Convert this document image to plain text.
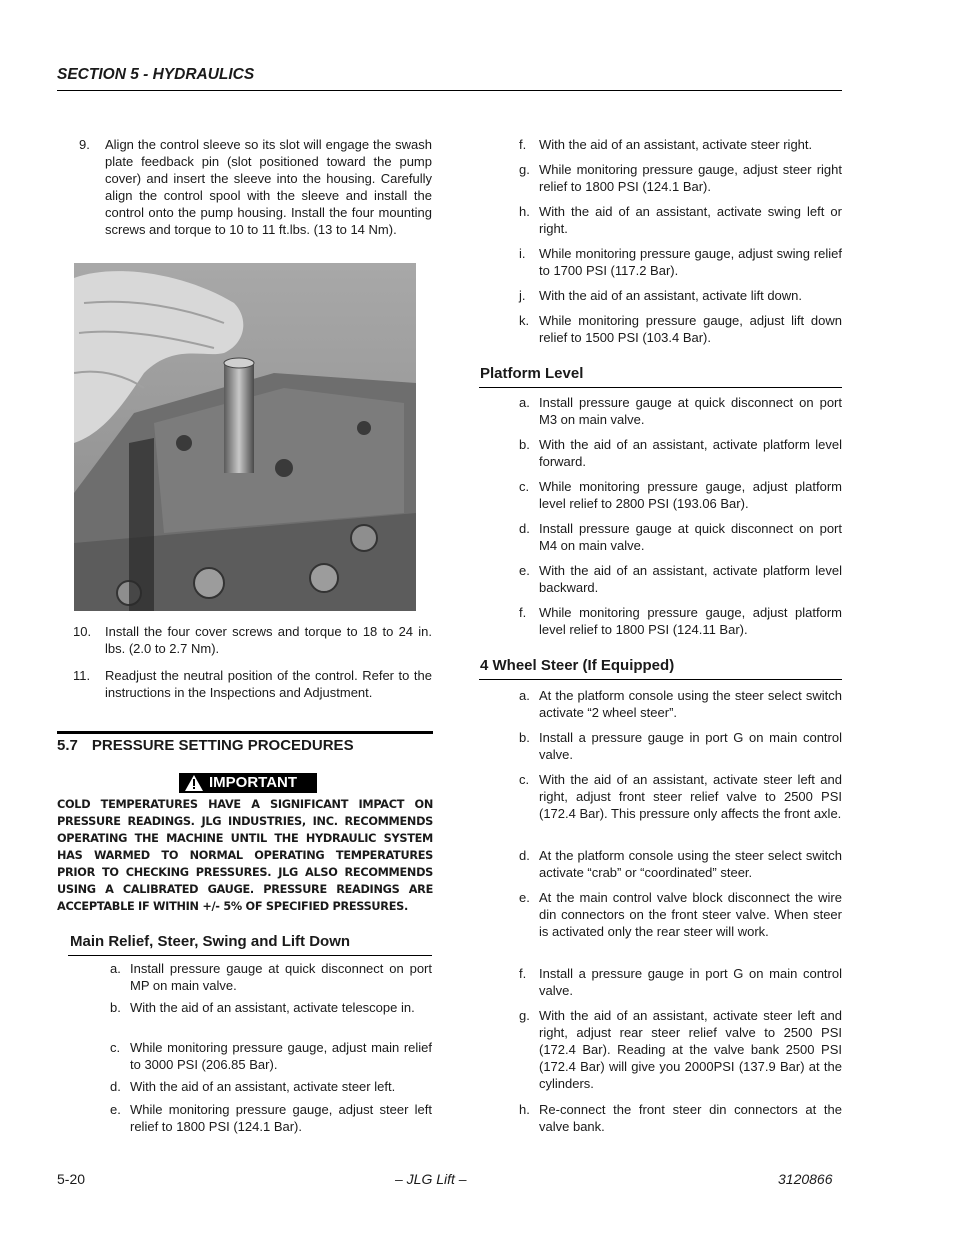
SECTION 5 - HYDRAULICS
9. Align the control sleeve so its slot will engage the swash plate feedback pin (slot positioned toward the pump cover) and insert the sleeve into the housing. Carefully align the control spool with the sleeve and install the control onto the pump housing. Install the four mounting screws and torque to 10 to 11 ft.lbs. (13 to 14 Nm).
10. Install the four cover screws and torque to 18 to 24 in. lbs. (2.0 to 2.7 Nm).
11. Readjust the neutral position of the control. Refer to the instructions in the Inspections and Adjustment.
5.7 PRESSURE SETTING PROCEDURES
IMPORTANT
COLD TEMPERATURES HAVE A SIGNIFICANT IMPACT ON PRESSURE READINGS. JLG INDUSTRIES, INC. RECOMMENDS OPERATING THE MACHINE UNTIL THE HYDRAULIC SYSTEM HAS WARMED TO NORMAL OPERATING TEMPERATURES PRIOR TO CHECKING PRESSURES. JLG ALSO RECOMMENDS USING A CALIBRATED GAUGE. PRESSURE READINGS ARE ACCEPTABLE IF WITHIN +/- 5% OF SPECIFIED PRESSURES.
Main Relief, Steer, Swing and Lift Down
a. Install pressure gauge at quick disconnect on port MP on main valve.
b. With the aid of an assistant, activate telescope in.
c. While monitoring pressure gauge, adjust main relief to 3000 PSI (206.85 Bar).
d. With the aid of an assistant, activate steer left.
e. While monitoring pressure gauge, adjust steer left relief to 1800 PSI (124.1 Bar).
f. With the aid of an assistant, activate steer right.
g. While monitoring pressure gauge, adjust steer right relief to 1800 PSI (124.1 Bar).
h. With the aid of an assistant, activate swing left or right.
i. While monitoring pressure gauge, adjust swing relief to 1700 PSI (117.2 Bar).
j. With the aid of an assistant, activate lift down.
k. While monitoring pressure gauge, adjust lift down relief to 1500 PSI (103.4 Bar).
Platform Level
a. Install pressure gauge at quick disconnect on port M3 on main valve.
b. With the aid of an assistant, activate platform level forward.
c. While monitoring pressure gauge, adjust platform level relief to 2800 PSI (193.06 Bar).
d. Install pressure gauge at quick disconnect on port M4 on main valve.
e. With the aid of an assistant, activate platform level backward.
f. While monitoring pressure gauge, adjust platform level relief to 1800 PSI (124.11 Bar).
4 Wheel Steer (If Equipped)
a. At the platform console using the steer select switch activate “2 wheel steer”.
b. Install a pressure gauge in port G on main control valve.
c. With the aid of an assistant, activate steer left and right, adjust front steer relief valve to 2500 PSI (172.4 Bar). This pressure only affects the front axle.
d. At the platform console using the steer select switch activate “crab” or “coordinated” steer.
e. At the main control valve block disconnect the wire din connectors on the front steer valve. When steer is activated only the rear steer will work.
f. Install a pressure gauge in port G on main control valve.
g. With the aid of an assistant, activate steer left and right, adjust rear steer relief valve to 2500 PSI (172.4 Bar). Reading at the valve bank 2500 PSI (172.4 Bar) will give you 2000PSI (137.9 Bar) at the cylinders.
h. Re-connect the front steer din connectors at the valve bank.
5-20	– JLG Lift –	3120866
